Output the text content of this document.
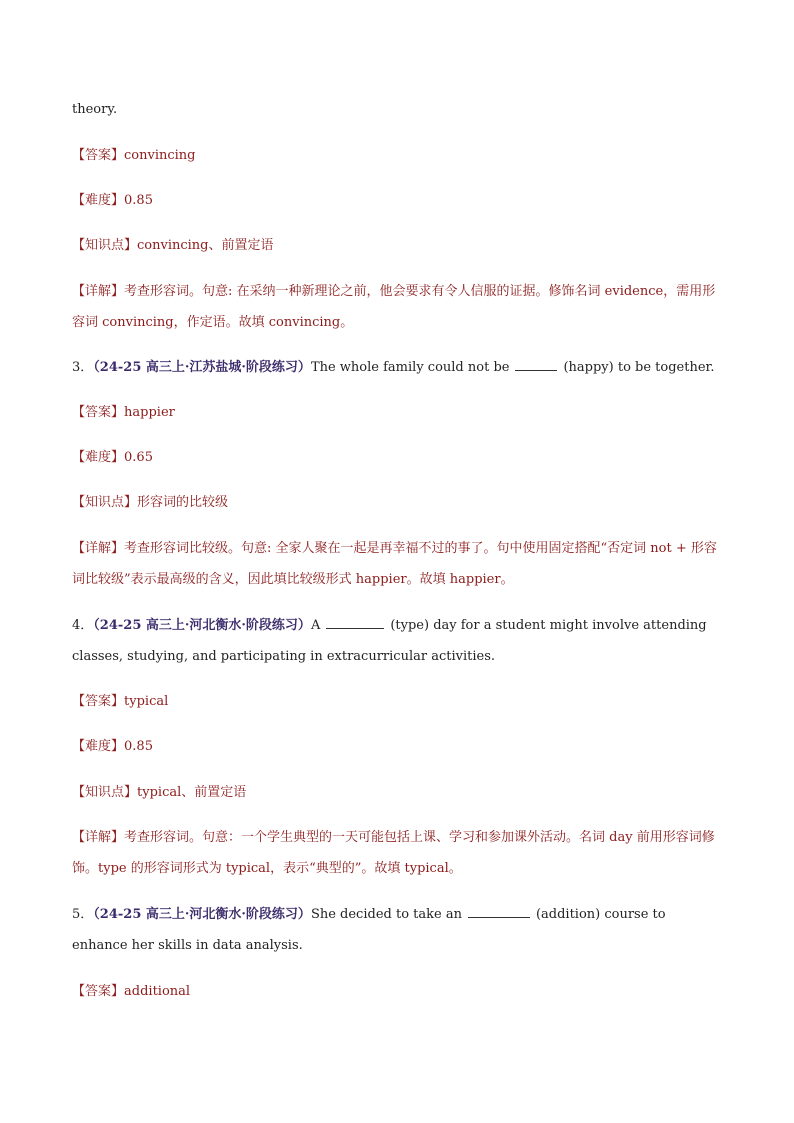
theory.
【答案】convincing
【难度】0.85
【知识点】convincing、前置定语
【详解】考查形容词。句意: 在采纳一种新理论之前，他会要求有令人信服的证据。修饰名词 evidence，需用形容词 convincing，作定语。故填 convincing。
3．（24-25 高三上·江苏盐城·阶段练习）The whole family could not be	(happy) to be together.
【答案】happier
【难度】0.65
【知识点】形容词的比较级
【详解】考查形容词比较级。句意: 全家人聚在一起是再幸福不过的事了。句中使用固定搭配“否定词 not + 形容词比较级”表示最高级的含义，因此填比较级形式 happier。故填 happier。
4．（24-25 高三上·河北衡水·阶段练习）A	(type) day for a student might involve attending classes, studying, and participating in extracurricular activities.
【答案】typical
【难度】0.85
【知识点】typical、前置定语
【详解】考查形容词。句意：一个学生典型的一天可能包括上课、学习和参加课外活动。名词 day 前用形容词修饰。type 的形容词形式为 typical，表示“典型的”。故填 typical。
5．（24-25 高三上·河北衡水·阶段练习）She decided to take an	(addition) course to enhance her skills in data analysis.
【答案】additional
